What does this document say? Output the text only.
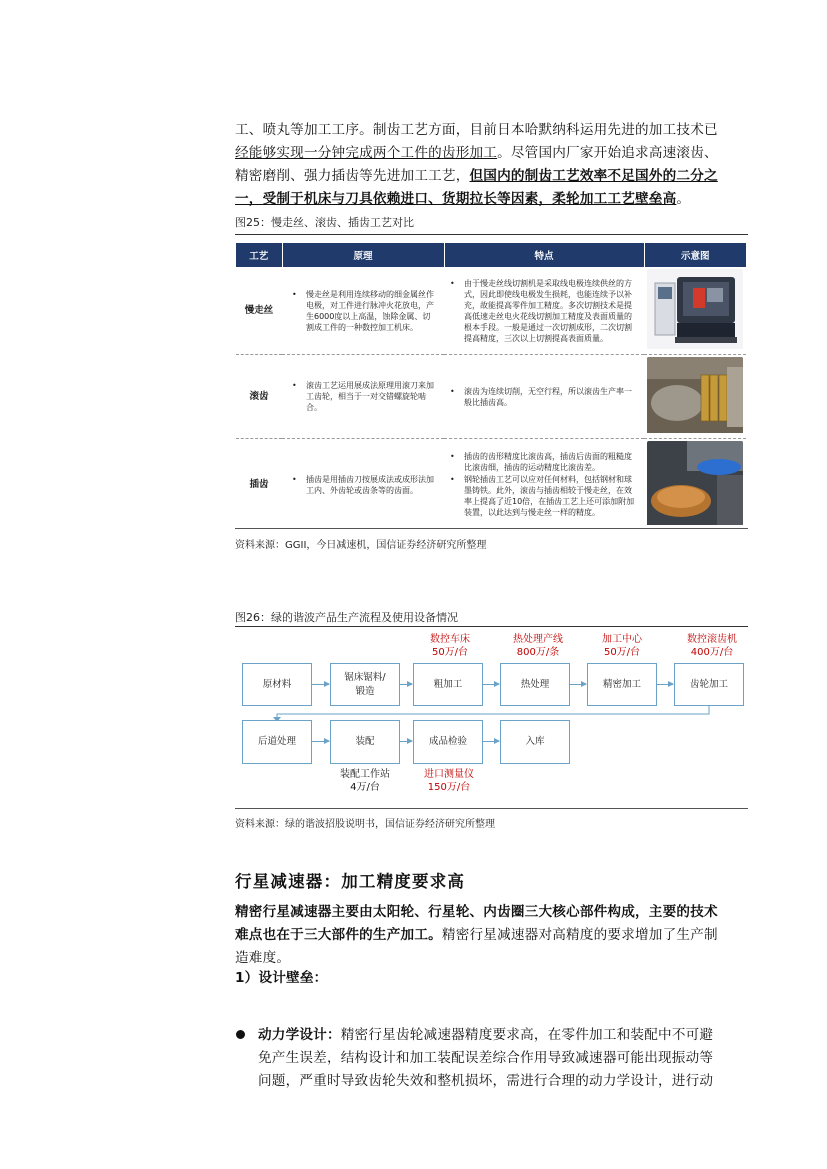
工、喷丸等加工工序。制齿工艺方面，目前日本哈默纳科运用先进的加工技术已
经能够实现一分钟完成两个工件的齿形加工。尽管国内厂家开始追求高速滚齿、
精密磨削、强力插齿等先进加工工艺，但国内的制齿工艺效率不足国外的二分之
一，受制于机床与刀具依赖进口、货期拉长等因素，柔轮加工工艺壁垒高。
图25：慢走丝、滚齿、插齿工艺对比
工艺	原理	特点	示意图
慢走丝	• 慢走丝是利用连续移动的细金属丝作电极，对工件进行脉冲火花放电，产生6000度以上高温，蚀除金属、切割成工件的一种数控加工机床。	• 由于慢走丝线切割机是采取线电极连续供丝的方式，因此即使线电极发生损耗，也能连续予以补充，故能提高零件加工精度。多次切割技术是提高低速走丝电火花线切割加工精度及表面质量的根本手段。一般是通过一次切割成形，二次切割提高精度，三次以上切割提高表面质量。

滚齿	• 滚齿工艺运用展成法原理用滚刀来加工齿轮，相当于一对交错螺旋轮啮合。	• 滚齿为连续切削，无空行程，所以滚齿生产率一般比插齿高。

插齿	• 插齿是用插齿刀按展成法或成形法加工内、外齿轮或齿条等的齿面。	• 插齿的齿形精度比滚齿高，插齿后齿面的粗糙度比滚齿细，插齿的运动精度比滚齿差。
• 钢轮插齿工艺可以应对任何材料，包括钢材和球墨铸铁。此外，滚齿与插齿相较于慢走丝，在效率上提高了近10倍，在插齿工艺上还可添加附加装置，以此达到与慢走丝一样的精度。

资料来源：GGII，今日减速机，国信证券经济研究所整理
图26：绿的谐波产品生产流程及使用设备情况
数控车床
50万/台
热处理产线
800万/条
加工中心
50万/台
数控滚齿机
400万/台
原材料
锯床锯料/
锻造
粗加工	热处理	精密加工	齿轮加工
后道处理	装配	成品检验	入库
装配工作站
4万/台
进口测量仪
150万/台
资料来源：绿的谐波招股说明书，国信证券经济研究所整理
行星减速器：加工精度要求高
精密行星减速器主要由太阳轮、行星轮、内齿圈三大核心部件构成，主要的技术
难点也在于三大部件的生产加工。精密行星减速器对高精度的要求增加了生产制
造难度。
1）设计壁垒：
动力学设计：精密行星齿轮减速器精度要求高，在零件加工和装配中不可避
免产生误差，结构设计和加工装配误差综合作用导致减速器可能出现振动等
问题，严重时导致齿轮失效和整机损坏，需进行合理的动力学设计，进行动
